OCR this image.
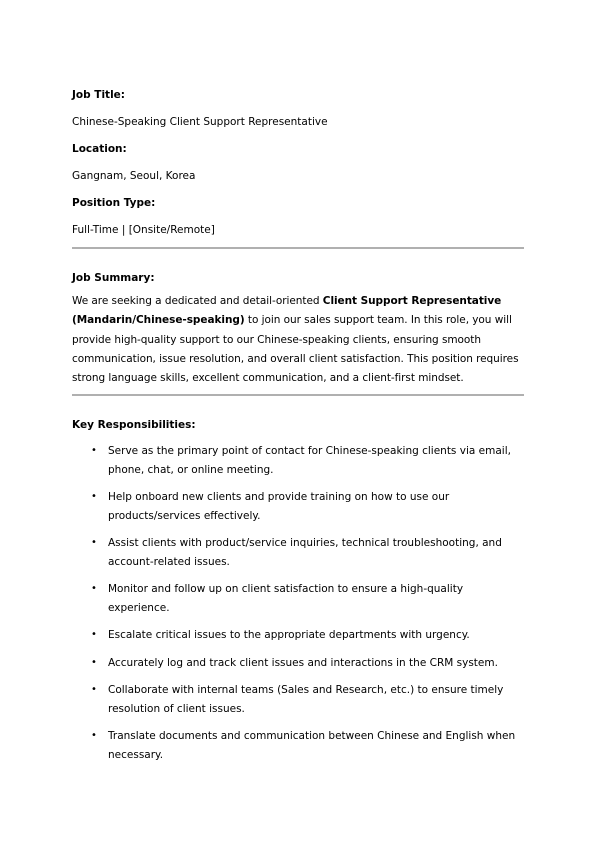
Job Title:

Chinese-Speaking Client Support Representative

Location:

Gangnam, Seoul, Korea

Position Type:

Full-Time | [Onsite/Remote]

Job Summary:

We are seeking a dedicated and detail-oriented Client Support Representative (Mandarin/Chinese-speaking) to join our sales support team. In this role, you will provide high-quality support to our Chinese-speaking clients, ensuring smooth communication, issue resolution, and overall client satisfaction. This position requires strong language skills, excellent communication, and a client-first mindset.

Key Responsibilities:

• Serve as the primary point of contact for Chinese-speaking clients via email, phone, chat, or online meeting.
• Help onboard new clients and provide training on how to use our products/services effectively.
• Assist clients with product/service inquiries, technical troubleshooting, and account-related issues.
• Monitor and follow up on client satisfaction to ensure a high-quality experience.
• Escalate critical issues to the appropriate departments with urgency.
• Accurately log and track client issues and interactions in the CRM system.
• Collaborate with internal teams (Sales and Research, etc.) to ensure timely resolution of client issues.
• Translate documents and communication between Chinese and English when necessary.
